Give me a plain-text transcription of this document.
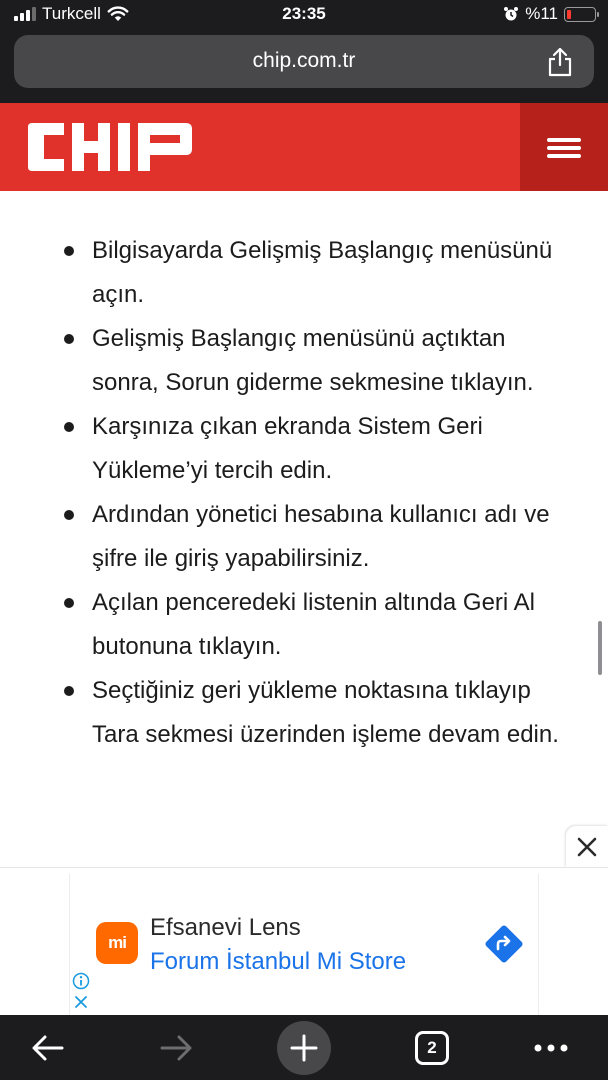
Turkcell	23:35	%11
chip.com.tr
Bilgisayarda Gelişmiş Başlangıç menüsünü açın.
Gelişmiş Başlangıç menüsünü açtıktan sonra, Sorun giderme sekmesine tıklayın.
Karşınıza çıkan ekranda Sistem Geri Yükleme’yi tercih edin.
Ardından yönetici hesabına kullanıcı adı ve şifre ile giriş yapabilirsiniz.
Açılan penceredeki listenin altında Geri Al butonuna tıklayın.
Seçtiğiniz geri yükleme noktasına tıklayıp Tara sekmesi üzerinden işleme devam edin.
mi
Efsanevi Lens
Forum İstanbul Mi Store
2
